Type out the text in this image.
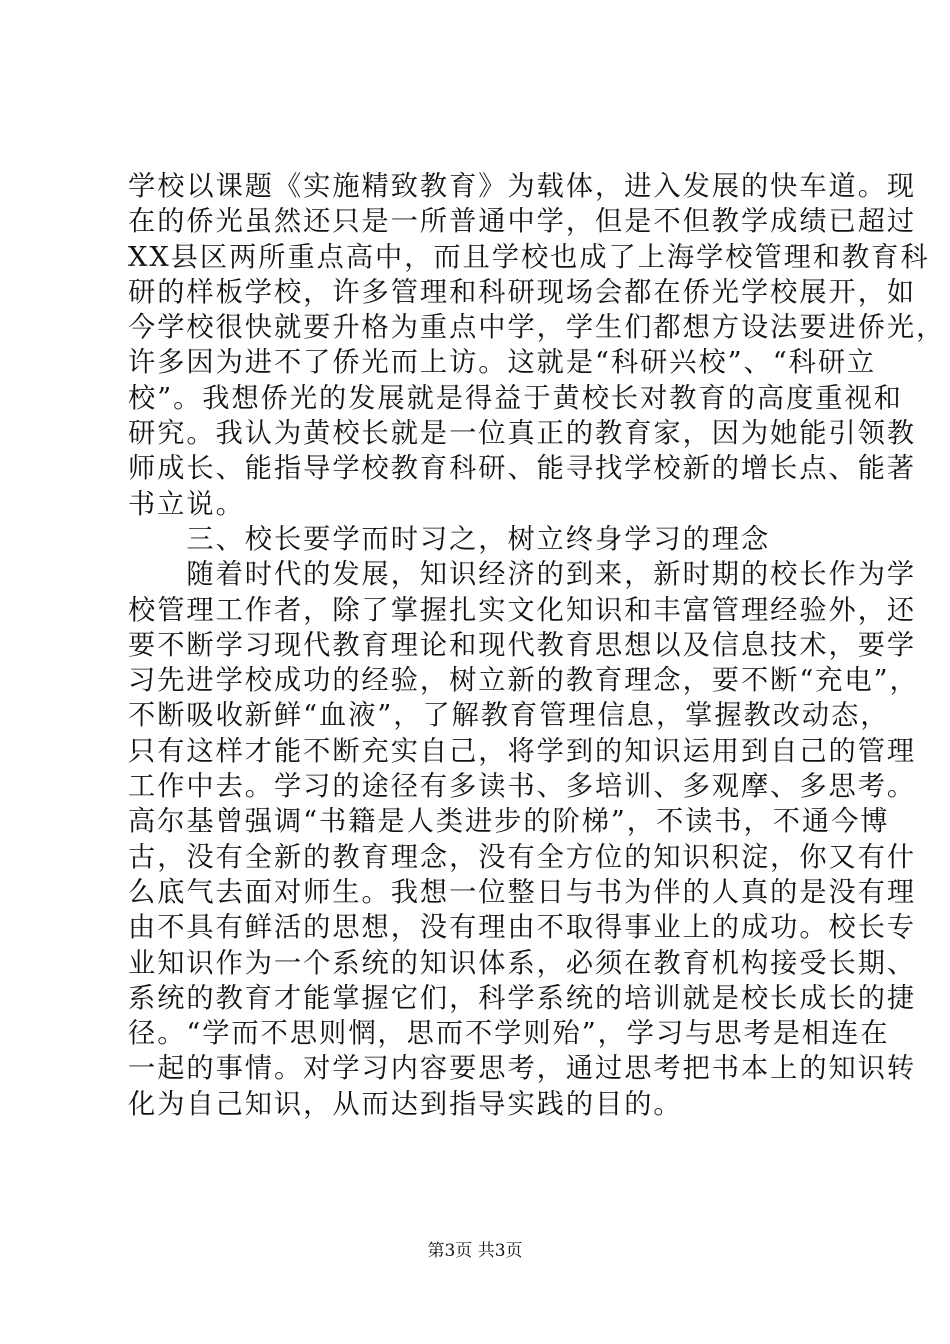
学校以课题《实施精致教育》为载体，进入发展的快车道。现
在的侨光虽然还只是一所普通中学，但是不但教学成绩已超过
XX县区两所重点高中，而且学校也成了上海学校管理和教育科
研的样板学校，许多管理和科研现场会都在侨光学校展开，如
今学校很快就要升格为重点中学，学生们都想方设法要进侨光，
许多因为进不了侨光而上访。这就是“科研兴校”、“科研立
校”。我想侨光的发展就是得益于黄校长对教育的高度重视和
研究。我认为黄校长就是一位真正的教育家，因为她能引领教
师成长、能指导学校教育科研、能寻找学校新的增长点、能著
书立说。
　　三、校长要学而时习之，树立终身学习的理念
　　随着时代的发展，知识经济的到来，新时期的校长作为学
校管理工作者，除了掌握扎实文化知识和丰富管理经验外，还
要不断学习现代教育理论和现代教育思想以及信息技术，要学
习先进学校成功的经验，树立新的教育理念，要不断“充电”，
不断吸收新鲜“血液”，了解教育管理信息，掌握教改动态，
只有这样才能不断充实自己，将学到的知识运用到自己的管理
工作中去。学习的途径有多读书、多培训、多观摩、多思考。
高尔基曾强调“书籍是人类进步的阶梯”，不读书，不通今博
古，没有全新的教育理念，没有全方位的知识积淀，你又有什
么底气去面对师生。我想一位整日与书为伴的人真的是没有理
由不具有鲜活的思想，没有理由不取得事业上的成功。校长专
业知识作为一个系统的知识体系，必须在教育机构接受长期、
系统的教育才能掌握它们，科学系统的培训就是校长成长的捷
径。“学而不思则惘，思而不学则殆”，学习与思考是相连在
一起的事情。对学习内容要思考，通过思考把书本上的知识转
化为自己知识，从而达到指导实践的目的。
第3页 共3页
